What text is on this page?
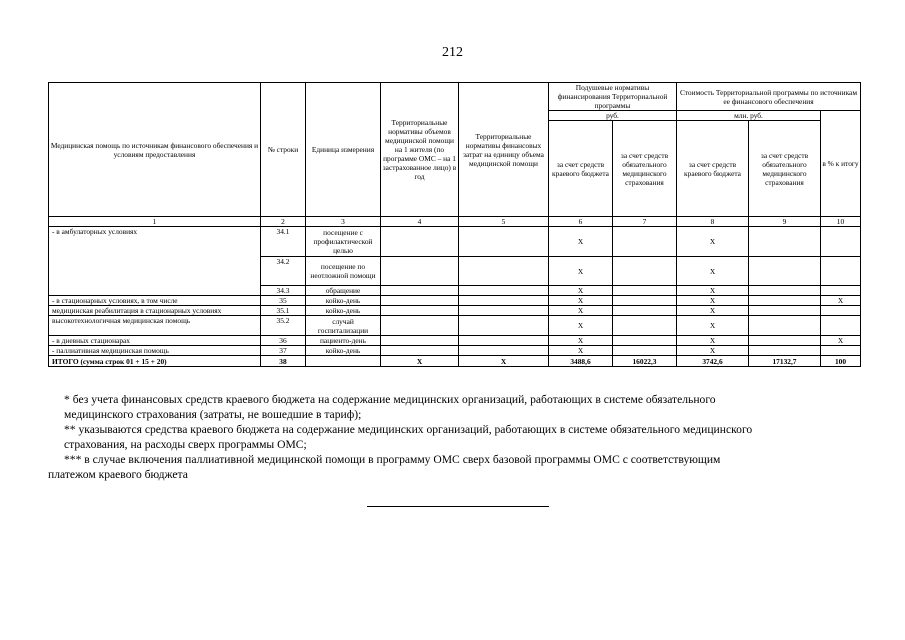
212
Медицинская помощь по источникам финансового обеспечения и условиям предоставления	№ строки	Единица измерения	Территориальные нормативы объемов медицинской помощи на 1 жителя (по программе ОМС – на 1 застрахованное лицо) в год	Территориальные нормативы финансовых затрат на единицу объема медицинской помощи	Подушевые нормативы финансирования Территориальной программы		Стоимость Территориальной программы по источникам ее финансового обеспечения		
					руб.		млн. руб.		в % к итогу
					за счет средств краевого бюджета	за счет средств обязательного медицинского страхования	за счет средств краевого бюджета	за счет средств обязательного медицинского страхования	
1	2	3	4	5	6	7	8	9	10
- в амбулаторных условиях	34.1	посещение с профилактической целью			X		X		
	34.2	посещение по неотложной помощи			X		X		
	34.3	обращение			X		X		
- в стационарных условиях, в том числе	35	койко-день			X		X		X
медицинская реабилитация в стационарных условиях	35.1	койко-день			X		X		
высокотехнологичная медицинская помощь	35.2	случай госпитализации			X		X		
- в дневных стационарах	36	пациенто-день			X		X		X
- паллиативная медицинская помощь	37	койко-день			X		X		
ИТОГО (сумма строк 01 + 15 + 20)	38		X	X	3488,6	16022,3	3742,6	17132,7	100

* без учета финансовых средств краевого бюджета на содержание медицинских организаций, работающих в системе обязательного

медицинского страхования (затраты, не вошедшие в тариф);

** указываются средства краевого бюджета на содержание медицинских организаций, работающих в системе обязательного медицинского

страхования, на расходы сверх программы ОМС;

*** в случае включения паллиативной медицинской помощи в программу ОМС сверх базовой программы ОМС с соответствующим

платежом краевого бюджета
